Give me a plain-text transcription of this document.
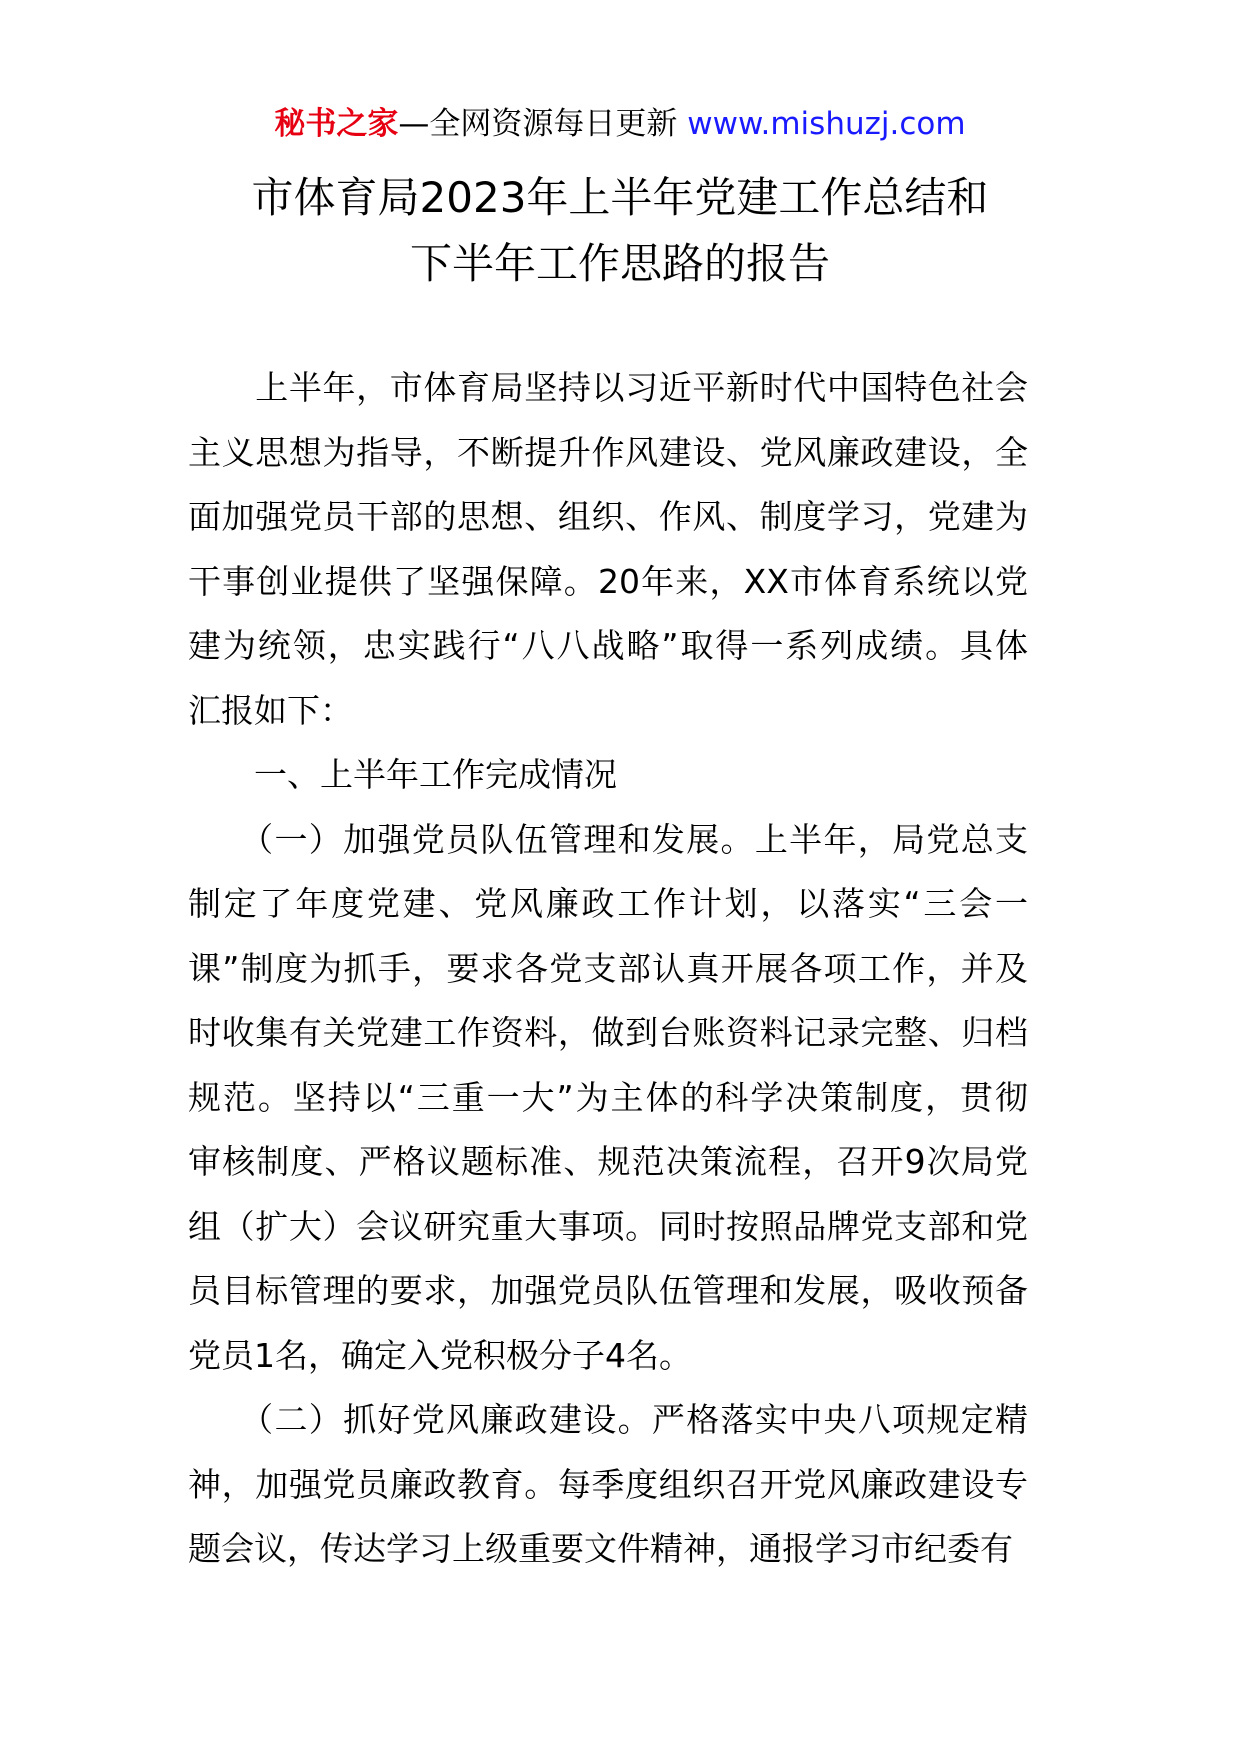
秘书之家—全网资源每日更新 www.mishuzj.com
市体育局2023年上半年党建工作总结和
下半年工作思路的报告
　　上半年，市体育局坚持以习近平新时代中国特色社会
主义思想为指导，不断提升作风建设、党风廉政建设，全
面加强党员干部的思想、组织、作风、制度学习，党建为
干事创业提供了坚强保障。20年来，XX市体育系统以党
建为统领，忠实践行“八八战略”取得一系列成绩。具体
汇报如下：
　　一、上半年工作完成情况
　　（一）加强党员队伍管理和发展。上半年，局党总支
制定了年度党建、党风廉政工作计划，以落实“三会一
课”制度为抓手，要求各党支部认真开展各项工作，并及
时收集有关党建工作资料，做到台账资料记录完整、归档
规范。坚持以“三重一大”为主体的科学决策制度，贯彻
审核制度、严格议题标准、规范决策流程，召开9次局党
组（扩大）会议研究重大事项。同时按照品牌党支部和党
员目标管理的要求，加强党员队伍管理和发展，吸收预备
党员1名，确定入党积极分子4名。
　　（二）抓好党风廉政建设。严格落实中央八项规定精
神，加强党员廉政教育。每季度组织召开党风廉政建设专
题会议，传达学习上级重要文件精神，通报学习市纪委有
